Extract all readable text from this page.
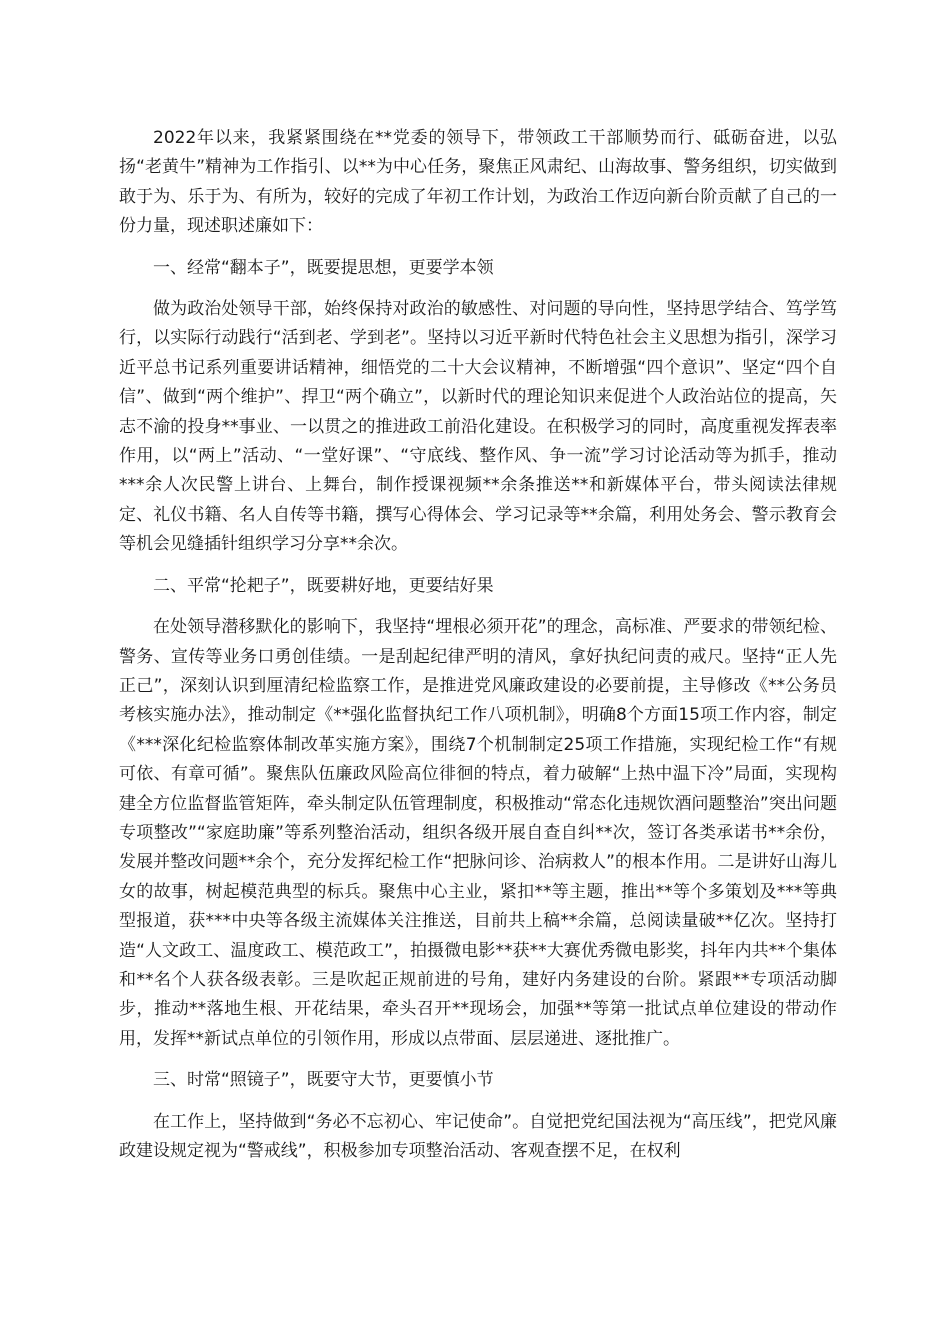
2022年以来，我紧紧围绕在**党委的领导下，带领政工干部顺势而行、砥砺奋进，以弘扬“老黄牛”精神为工作指引、以**为中心任务，聚焦正风肃纪、山海故事、警务组织，切实做到敢于为、乐于为、有所为，较好的完成了年初工作计划，为政治工作迈向新台阶贡献了自己的一份力量，现述职述廉如下：

一、经常“翻本子”，既要提思想，更要学本领

做为政治处领导干部，始终保持对政治的敏感性、对问题的导向性，坚持思学结合、笃学笃行，以实际行动践行“活到老、学到老”。坚持以习近平新时代特色社会主义思想为指引，深学习近平总书记系列重要讲话精神，细悟党的二十大会议精神，不断增强“四个意识”、坚定“四个自信”、做到“两个维护”、捍卫“两个确立”，以新时代的理论知识来促进个人政治站位的提高，矢志不渝的投身**事业、一以贯之的推进政工前沿化建设。在积极学习的同时，高度重视发挥表率作用，以“两上”活动、“一堂好课”、“守底线、整作风、争一流”学习讨论活动等为抓手，推动***余人次民警上讲台、上舞台，制作授课视频**余条推送**和新媒体平台，带头阅读法律规定、礼仪书籍、名人自传等书籍，撰写心得体会、学习记录等**余篇，利用处务会、警示教育会等机会见缝插针组织学习分享**余次。

二、平常“抡耙子”，既要耕好地，更要结好果

在处领导潜移默化的影响下，我坚持“埋根必须开花”的理念，高标准、严要求的带领纪检、警务、宣传等业务口勇创佳绩。一是刮起纪律严明的清风，拿好执纪问责的戒尺。坚持“正人先正己”，深刻认识到厘清纪检监察工作，是推进党风廉政建设的必要前提，主导修改《**公务员考核实施办法》，推动制定《**强化监督执纪工作八项机制》，明确8个方面15项工作内容，制定《***深化纪检监察体制改革实施方案》，围绕7个机制制定25项工作措施，实现纪检工作“有规可依、有章可循”。聚焦队伍廉政风险高位徘徊的特点，着力破解“上热中温下冷”局面，实现构建全方位监督监管矩阵，牵头制定队伍管理制度，积极推动“常态化违规饮酒问题整治”突出问题专项整改”“家庭助廉”等系列整治活动，组织各级开展自查自纠**次，签订各类承诺书**余份，发展并整改问题**余个，充分发挥纪检工作“把脉问诊、治病救人”的根本作用。二是讲好山海儿女的故事，树起模范典型的标兵。聚焦中心主业，紧扣**等主题，推出**等个多策划及***等典型报道，获***中央等各级主流媒体关注推送，目前共上稿**余篇，总阅读量破**亿次。坚持打造“人文政工、温度政工、模范政工”，拍摄微电影**获**大赛优秀微电影奖，抖年内共**个集体和**名个人获各级表彰。三是吹起正规前进的号角，建好内务建设的台阶。紧跟**专项活动脚步，推动**落地生根、开花结果，牵头召开**现场会，加强**等第一批试点单位建设的带动作用，发挥**新试点单位的引领作用，形成以点带面、层层递进、逐批推广。

三、时常“照镜子”，既要守大节，更要慎小节

在工作上，坚持做到“务必不忘初心、牢记使命”。自觉把党纪国法视为“高压线”，把党风廉政建设规定视为“警戒线”，积极参加专项整治活动、客观查摆不足，在权利
